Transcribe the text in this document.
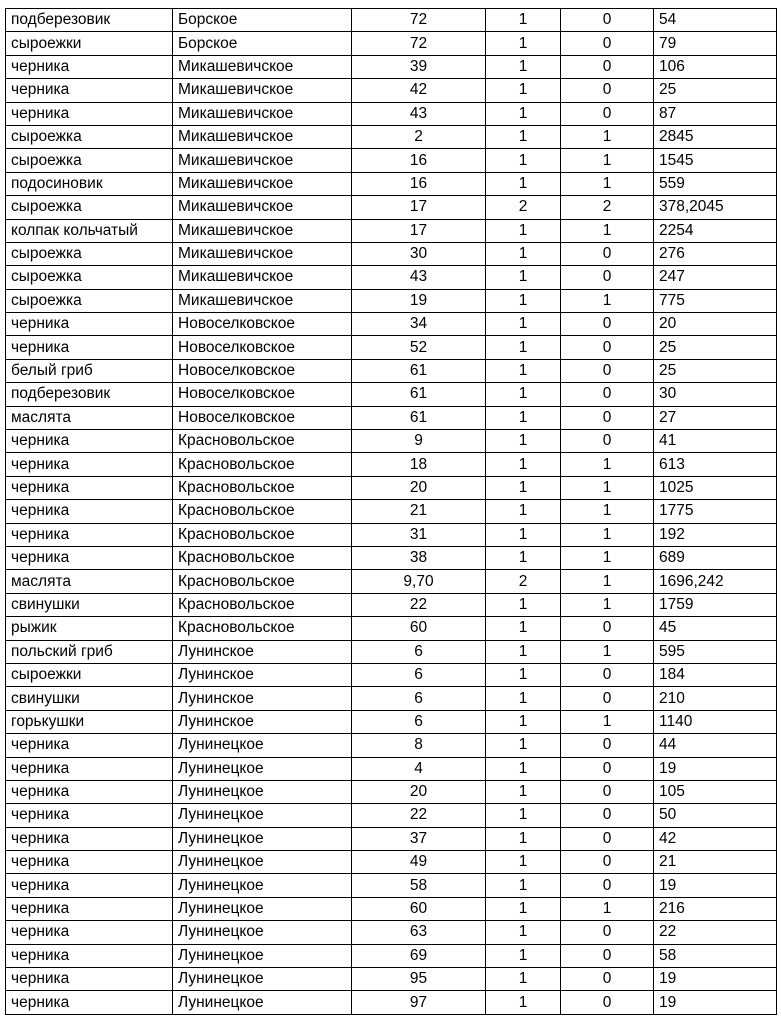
подберезовик	Борское	72	1	0	54
сыроежки	Борское	72	1	0	79
черника	Микашевичское	39	1	0	106
черника	Микашевичское	42	1	0	25
черника	Микашевичское	43	1	0	87
сыроежка	Микашевичское	2	1	1	2845
сыроежка	Микашевичское	16	1	1	1545
подосиновик	Микашевичское	16	1	1	559
сыроежка	Микашевичское	17	2	2	378,2045
колпак кольчатый	Микашевичское	17	1	1	2254
сыроежка	Микашевичское	30	1	0	276
сыроежка	Микашевичское	43	1	0	247
сыроежка	Микашевичское	19	1	1	775
черника	Новоселковское	34	1	0	20
черника	Новоселковское	52	1	0	25
белый гриб	Новоселковское	61	1	0	25
подберезовик	Новоселковское	61	1	0	30
маслята	Новоселковское	61	1	0	27
черника	Красновольское	9	1	0	41
черника	Красновольское	18	1	1	613
черника	Красновольское	20	1	1	1025
черника	Красновольское	21	1	1	1775
черника	Красновольское	31	1	1	192
черника	Красновольское	38	1	1	689
маслята	Красновольское	9,70	2	1	1696,242
свинушки	Красновольское	22	1	1	1759
рыжик	Красновольское	60	1	0	45
польский гриб	Лунинское	6	1	1	595
сыроежки	Лунинское	6	1	0	184
свинушки	Лунинское	6	1	0	210
горькушки	Лунинское	6	1	1	1140
черника	Лунинецкое	8	1	0	44
черника	Лунинецкое	4	1	0	19
черника	Лунинецкое	20	1	0	105
черника	Лунинецкое	22	1	0	50
черника	Лунинецкое	37	1	0	42
черника	Лунинецкое	49	1	0	21
черника	Лунинецкое	58	1	0	19
черника	Лунинецкое	60	1	1	216
черника	Лунинецкое	63	1	0	22
черника	Лунинецкое	69	1	0	58
черника	Лунинецкое	95	1	0	19
черника	Лунинецкое	97	1	0	19
